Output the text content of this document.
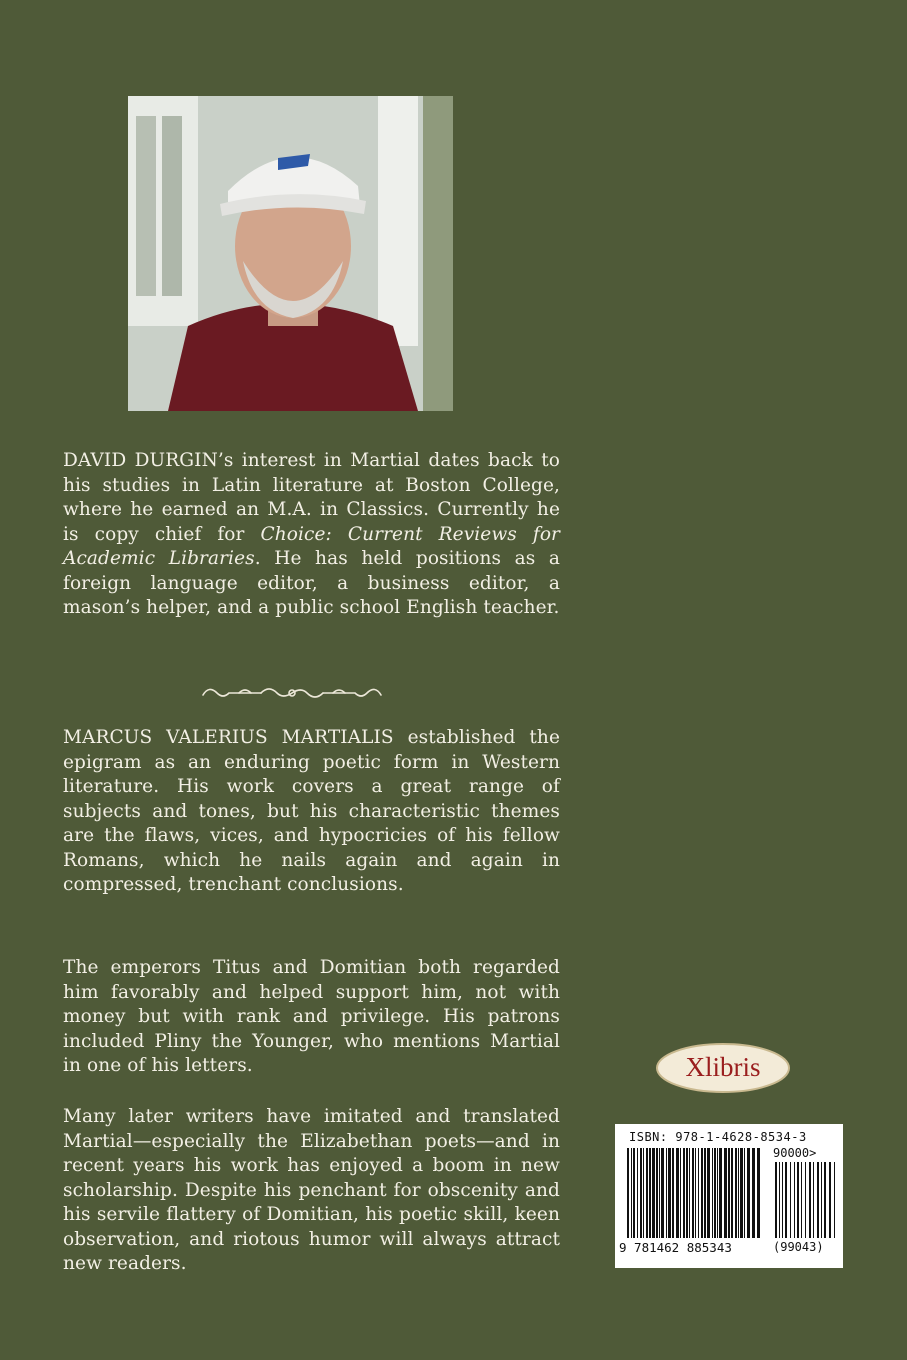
DAVID DURGIN’s interest in Martial dates back to his studies in Latin literature at Boston College, where he earned an M.A. in Classics. Currently he is copy chief for Choice: Current Reviews for Academic Libraries. He has held positions as a foreign language editor, a business editor, a mason’s helper, and a public school English teacher.

MARCUS VALERIUS MARTIALIS established the epigram as an enduring poetic form in Western literature. His work covers a great range of subjects and tones, but his characteristic themes are the flaws, vices, and hypocricies of his fellow Romans, which he nails again and again in compressed, trenchant conclusions.

The emperors Titus and Domitian both regarded him favorably and helped support him, not with money but with rank and privilege. His patrons included Pliny the Younger, who mentions Martial in one of his letters.

Many later writers have imitated and translated Martial—especially the Elizabethan poets—and in recent years his work has enjoyed a boom in new scholarship. Despite his penchant for obscenity and his servile flattery of Domitian, his poetic skill, keen observation, and riotous humor will always attract new readers.

Xlibris
ISBN: 978-1-4628-8534-3
90000>
9 781462 885343	(99043)
